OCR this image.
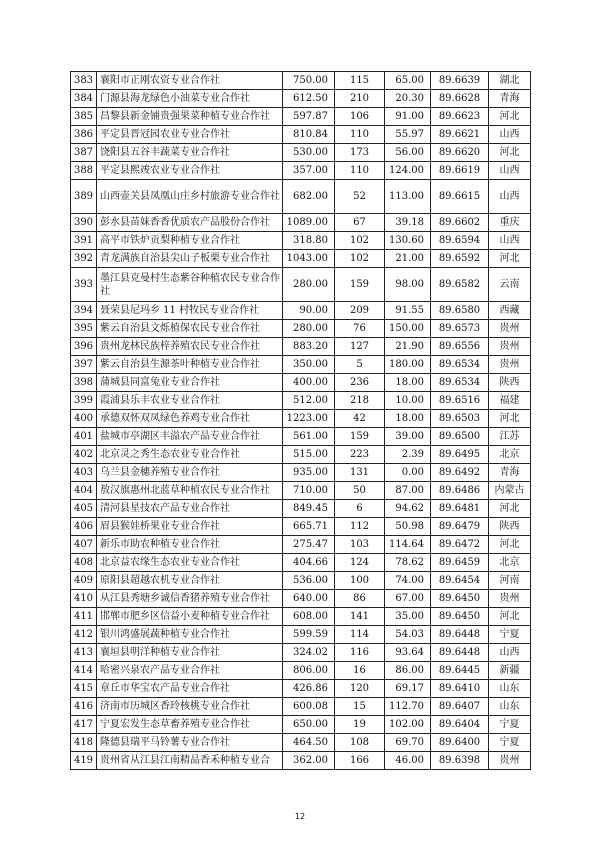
383	襄阳市正刚农资专业合作社	750.00	115	65.00	89.6639	湖北
384	门源县海龙绿色小油菜专业合作社	612.50	210	20.30	89.6628	青海
385	昌黎县新金铺贵强果菜种植专业合作社	597.87	106	91.00	89.6623	河北
386	平定县晋冠园农业专业合作社	810.84	110	55.97	89.6621	山西
387	饶阳县五谷丰蔬菜专业合作社	530.00	173	56.00	89.6620	河北
388	平定县熙竣农业专业合作社	357.00	110	124.00	89.6619	山西
389	山西壶关县凤凰山庄乡村旅游专业合作社	682.00	52	113.00	89.6615	山西
390	彭水县苗妹香香优质农产品股份合作社	1089.00	67	39.18	89.6602	重庆
391	高平市铁炉贡梨种植专业合作社	318.80	102	130.60	89.6594	山西
392	青龙满族自治县尖山子板栗专业合作社	1043.00	102	21.00	89.6592	河北
393	墨江县克曼村生态紫谷种植农民专业合作社	280.00	159	98.00	89.6582	云南
394	聂荣县尼玛乡 11 村牧民专业合作社	90.00	209	91.55	89.6580	西藏
395	紫云自治县文烁植保农民专业合作社	280.00	76	150.00	89.6573	贵州
396	贵州龙林民族梓养殖农民专业合作社	883.20	127	21.90	89.6556	贵州
397	紫云自治县生源茶叶种植专业合作社	350.00	5	180.00	89.6534	贵州
398	蒲城县同富兔业专业合作社	400.00	236	18.00	89.6534	陕西
399	霞浦县乐丰农业专业合作社	512.00	218	10.00	89.6516	福建
400	承德双怀双凤绿色养鸡专业合作社	1223.00	42	18.00	89.6503	河北
401	盐城市亭湖区丰溢农产品专业合作社	561.00	159	39.00	89.6500	江苏
402	北京灵之秀生态农业专业合作社	515.00	223	2.39	89.6495	北京
403	乌兰县金穗养殖专业合作社	935.00	131	0.00	89.6492	青海
404	敖汉旗惠州北蓝草种植农民专业合作社	710.00	50	87.00	89.6486	内蒙古
405	清河县星技农产品专业合作社	849.45	6	94.62	89.6481	河北
406	眉县猴娃桥果业专业合作社	665.71	112	50.98	89.6479	陕西
407	新乐市助农种植专业合作社	275.47	103	114.64	89.6472	河北
408	北京益农缘生态农业专业合作社	404.66	124	78.62	89.6459	北京
409	原阳县超越农机专业合作社	536.00	100	74.00	89.6454	河南
410	从江县秀塘乡诚信香猪养殖专业合作社	640.00	86	67.00	89.6450	贵州
411	邯郸市肥乡区信益小麦种植专业合作社	608.00	141	35.00	89.6450	河北
412	银川鸿盛展蔬种植专业合作社	599.59	114	54.03	89.6448	宁夏
413	襄垣县明洋种植专业合作社	324.02	116	93.64	89.6448	山西
414	哈密兴泉农产品专业合作社	806.00	16	86.00	89.6445	新疆
415	章丘市华宝农产品专业合作社	426.86	120	69.17	89.6410	山东
416	济南市历城区香玲核桃专业合作社	600.08	15	112.70	89.6407	山东
417	宁夏宏发生态草畜养殖专业合作社	650.00	19	102.00	89.6404	宁夏
418	隆德县瑞平马铃薯专业合作社	464.50	108	69.70	89.6400	宁夏
419	贵州省从江县江南精品香禾种植专业合	362.00	166	46.00	89.6398	贵州
12
